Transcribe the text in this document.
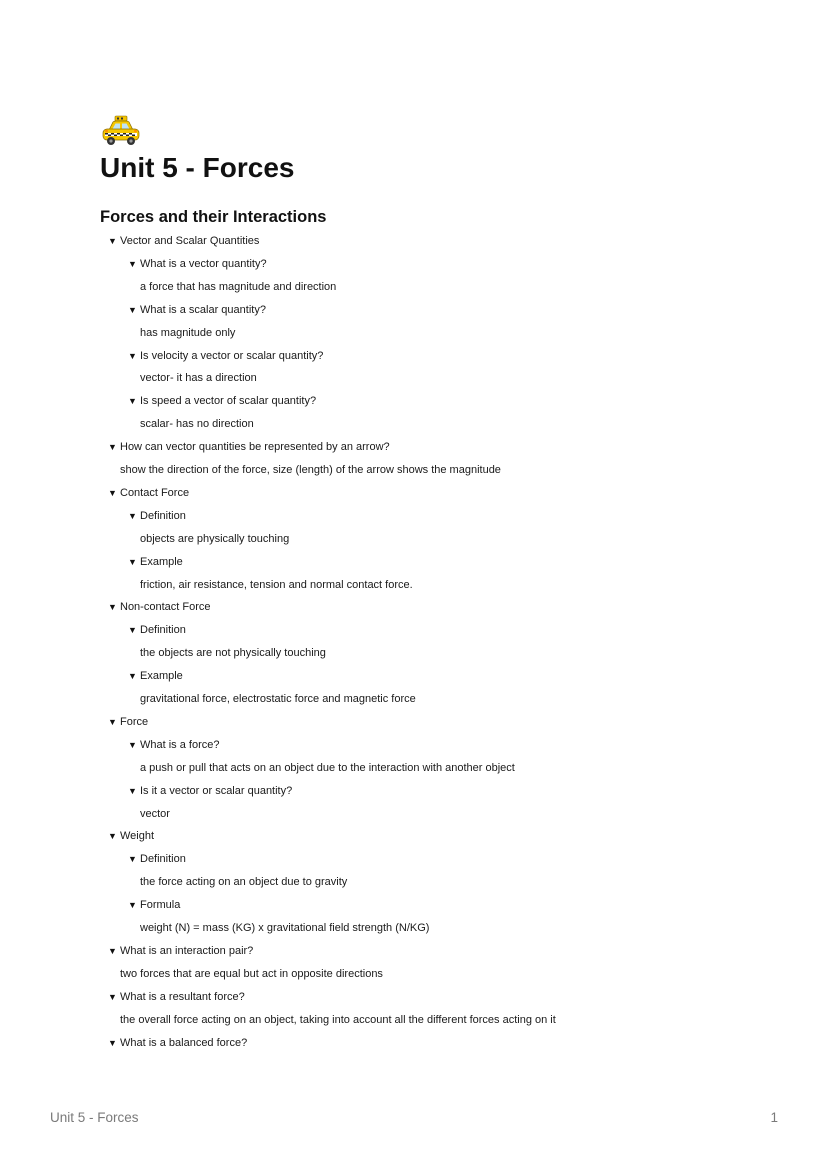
Unit 5 - Forces
Forces and their Interactions
▼ Vector and Scalar Quantities
▼ What is a vector quantity?
a force that has magnitude and direction
▼ What is a scalar quantity?
has magnitude only
▼ Is velocity a vector or scalar quantity?
vector- it has a direction
▼ Is speed a vector of scalar quantity?
scalar- has no direction
▼ How can vector quantities be represented by an arrow?
show the direction of the force, size (length) of the arrow shows the magnitude
▼ Contact Force
▼ Definition
objects are physically touching
▼ Example
friction, air resistance, tension and normal contact force.
▼ Non-contact Force
▼ Definition
the objects are not physically touching
▼ Example
gravitational force, electrostatic force and magnetic force
▼ Force
▼ What is a force?
a push or pull that acts on an object due to the interaction with another object
▼ Is it a vector or scalar quantity?
vector
▼ Weight
▼ Definition
the force acting on an object due to gravity
▼ Formula
weight (N) = mass (KG) x gravitational field strength (N/KG)
▼ What is an interaction pair?
two forces that are equal but act in opposite directions
▼ What is a resultant force?
the overall force acting on an object, taking into account all the different forces acting on it
▼ What is a balanced force?
Unit 5 - Forces	1
